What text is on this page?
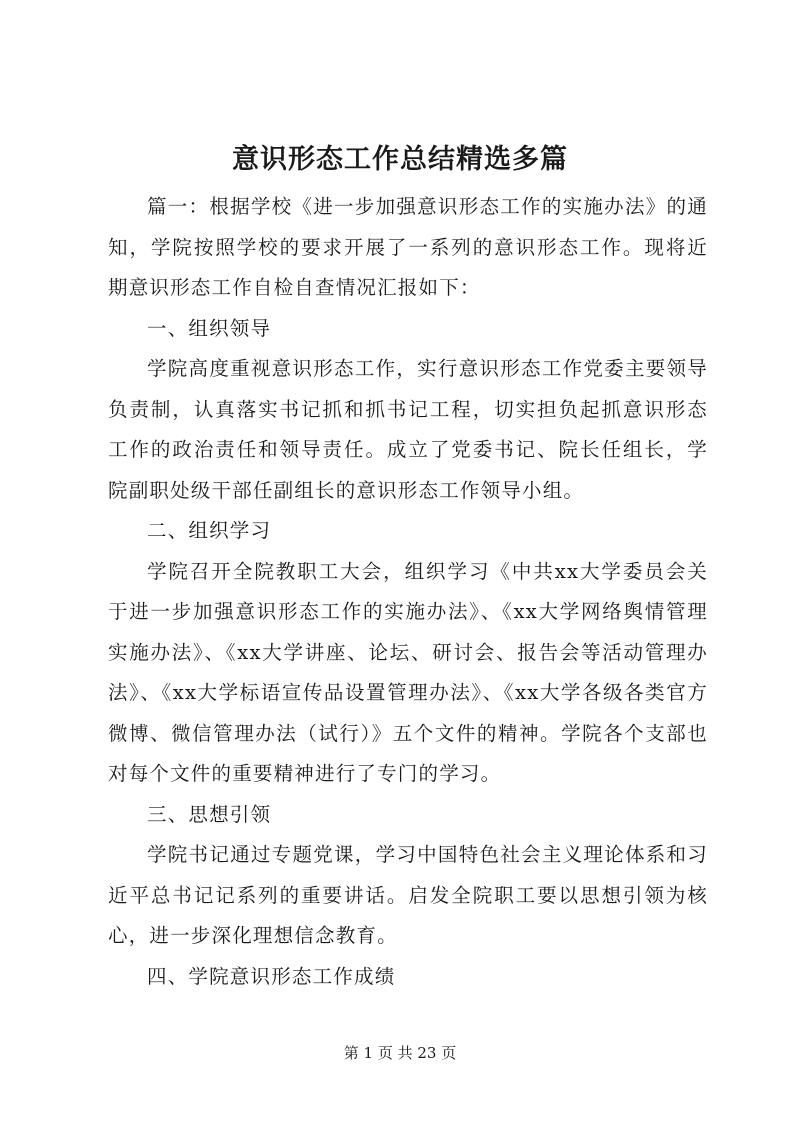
意识形态工作总结精选多篇

篇一：根据学校《进一步加强意识形态工作的实施办法》的通知，学院按照学校的要求开展了一系列的意识形态工作。现将近期意识形态工作自检自查情况汇报如下：

一、组织领导

学院高度重视意识形态工作，实行意识形态工作党委主要领导负责制，认真落实书记抓和抓书记工程，切实担负起抓意识形态工作的政治责任和领导责任。成立了党委书记、院长任组长，学院副职处级干部任副组长的意识形态工作领导小组。

二、组织学习

学院召开全院教职工大会，组织学习《中共xx大学委员会关于进一步加强意识形态工作的实施办法》、《xx大学网络舆情管理实施办法》、《xx大学讲座、论坛、研讨会、报告会等活动管理办法》、《xx大学标语宣传品设置管理办法》、《xx大学各级各类官方微博、微信管理办法（试行）》五个文件的精神。学院各个支部也对每个文件的重要精神进行了专门的学习。

三、思想引领

学院书记通过专题党课，学习中国特色社会主义理论体系和习近平总书记记系列的重要讲话。启发全院职工要以思想引领为核心，进一步深化理想信念教育。

四、学院意识形态工作成绩

第 1 页 共 23 页
